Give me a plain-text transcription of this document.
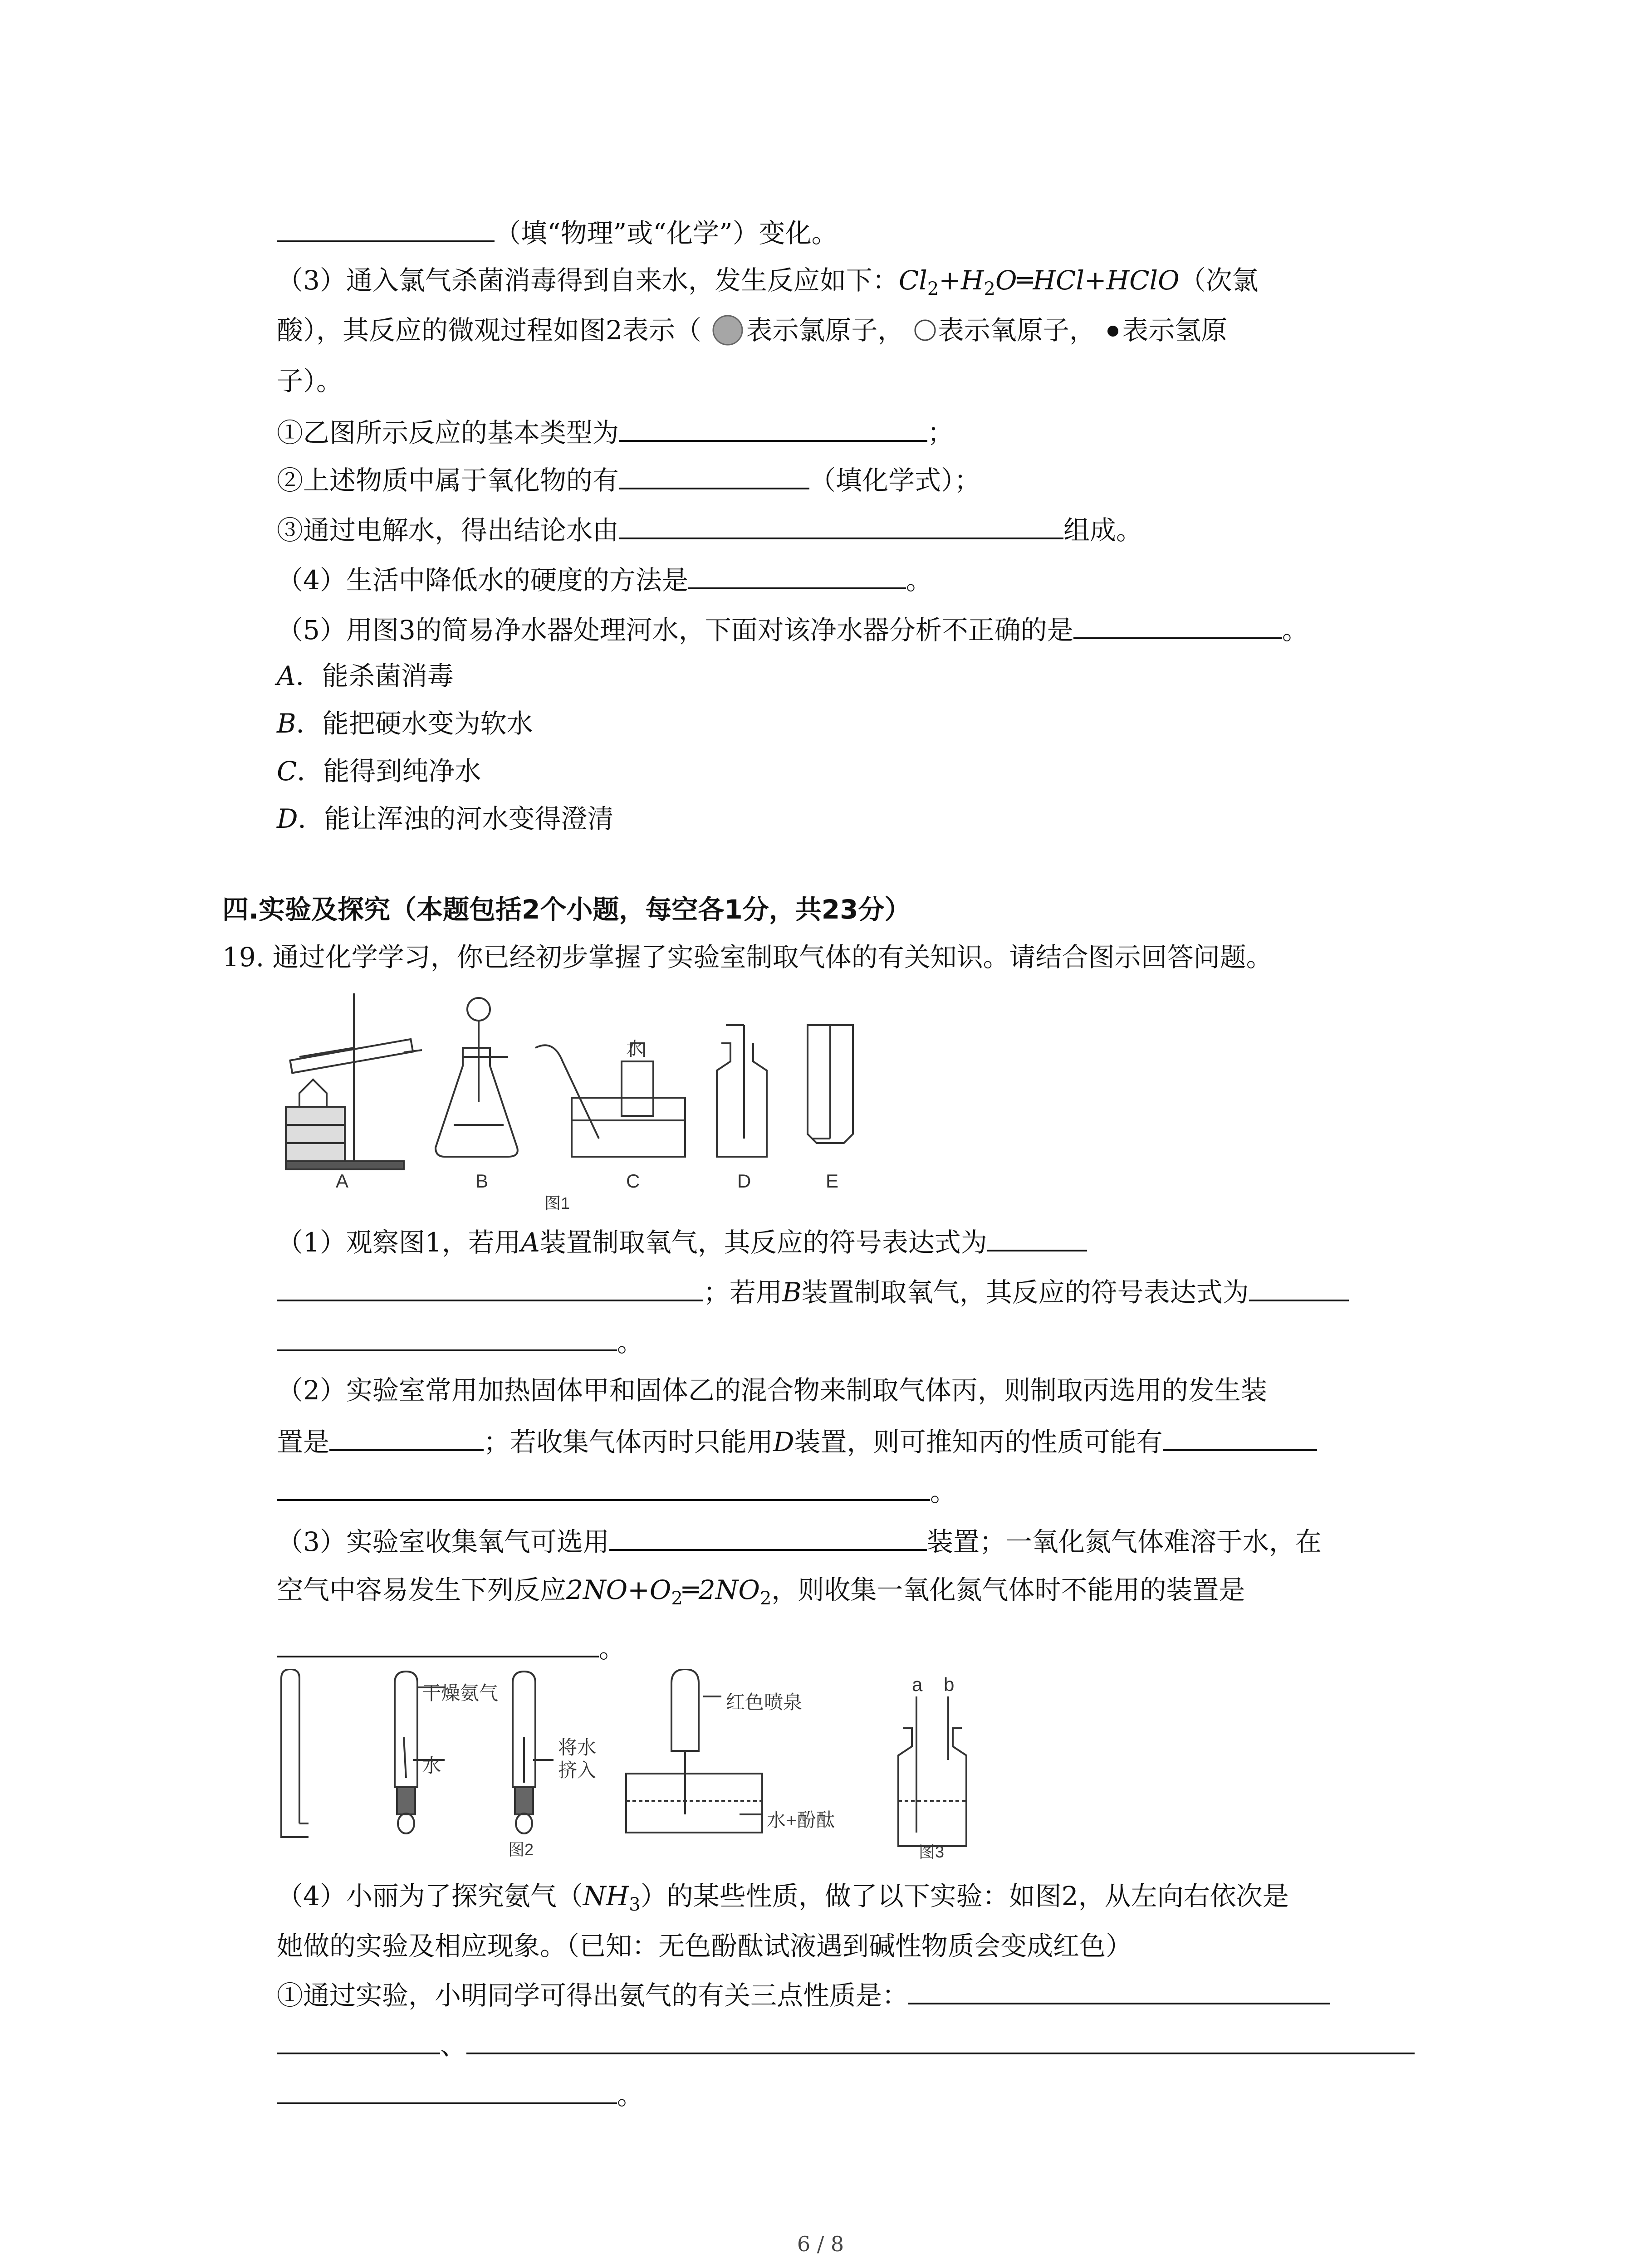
（填“物理”或“化学”）变化。
（3）通入氯气杀菌消毒得到自来水，发生反应如下：$Cl_2+H_2O═HCl+HClO$（次氯
酸），其反应的微观过程如图2表示（ 表示氯原子， 表示氧原子， 表示氢原
子）。
①乙图所示反应的基本类型为	；
②上述物质中属于氧化物的有	（填化学式）；
③通过电解水，得出结论水由	组成。
（4）生活中降低水的硬度的方法是	。
（5）用图3的简易净水器处理河水，下面对该净水器分析不正确的是	。
A．能杀菌消毒
B．能把硬水变为软水
C．能得到纯净水
D．能让浑浊的河水变得澄清
四.实验及探究（本题包括2个小题，每空各1分，共23分）
19. 通过化学学习，你已经初步掌握了实验室制取气体的有关知识。请结合图示回答问题。
A	B	C	D	E
水
图1
（1）观察图1，若用A装置制取氧气，其反应的符号表达式为
；若用B装置制取氧气，其反应的符号表达式为
。
（2）实验室常用加热固体甲和固体乙的混合物来制取气体丙，则制取丙选用的发生装
置是	；若收集气体丙时只能用D装置，则可推知丙的性质可能有
。
（3）实验室收集氧气可选用	装置；一氧化氮气体难溶于水，在
空气中容易发生下列反应$2NO+O_2═2NO_2$，则收集一氧化氮气体时不能用的装置是
。
干燥氨气
水
将水
挤入
红色喷泉
水+酚酞
图2
a b
图3
（4）小丽为了探究氨气$(NH_3)$的某些性质，做了以下实验：如图2，从左向右依次是
她做的实验及相应现象。（已知：无色酚酞试液遇到碱性物质会变成红色）
①通过实验，小明同学可得出氨气的有关三点性质是：
、
。
6 / 8
